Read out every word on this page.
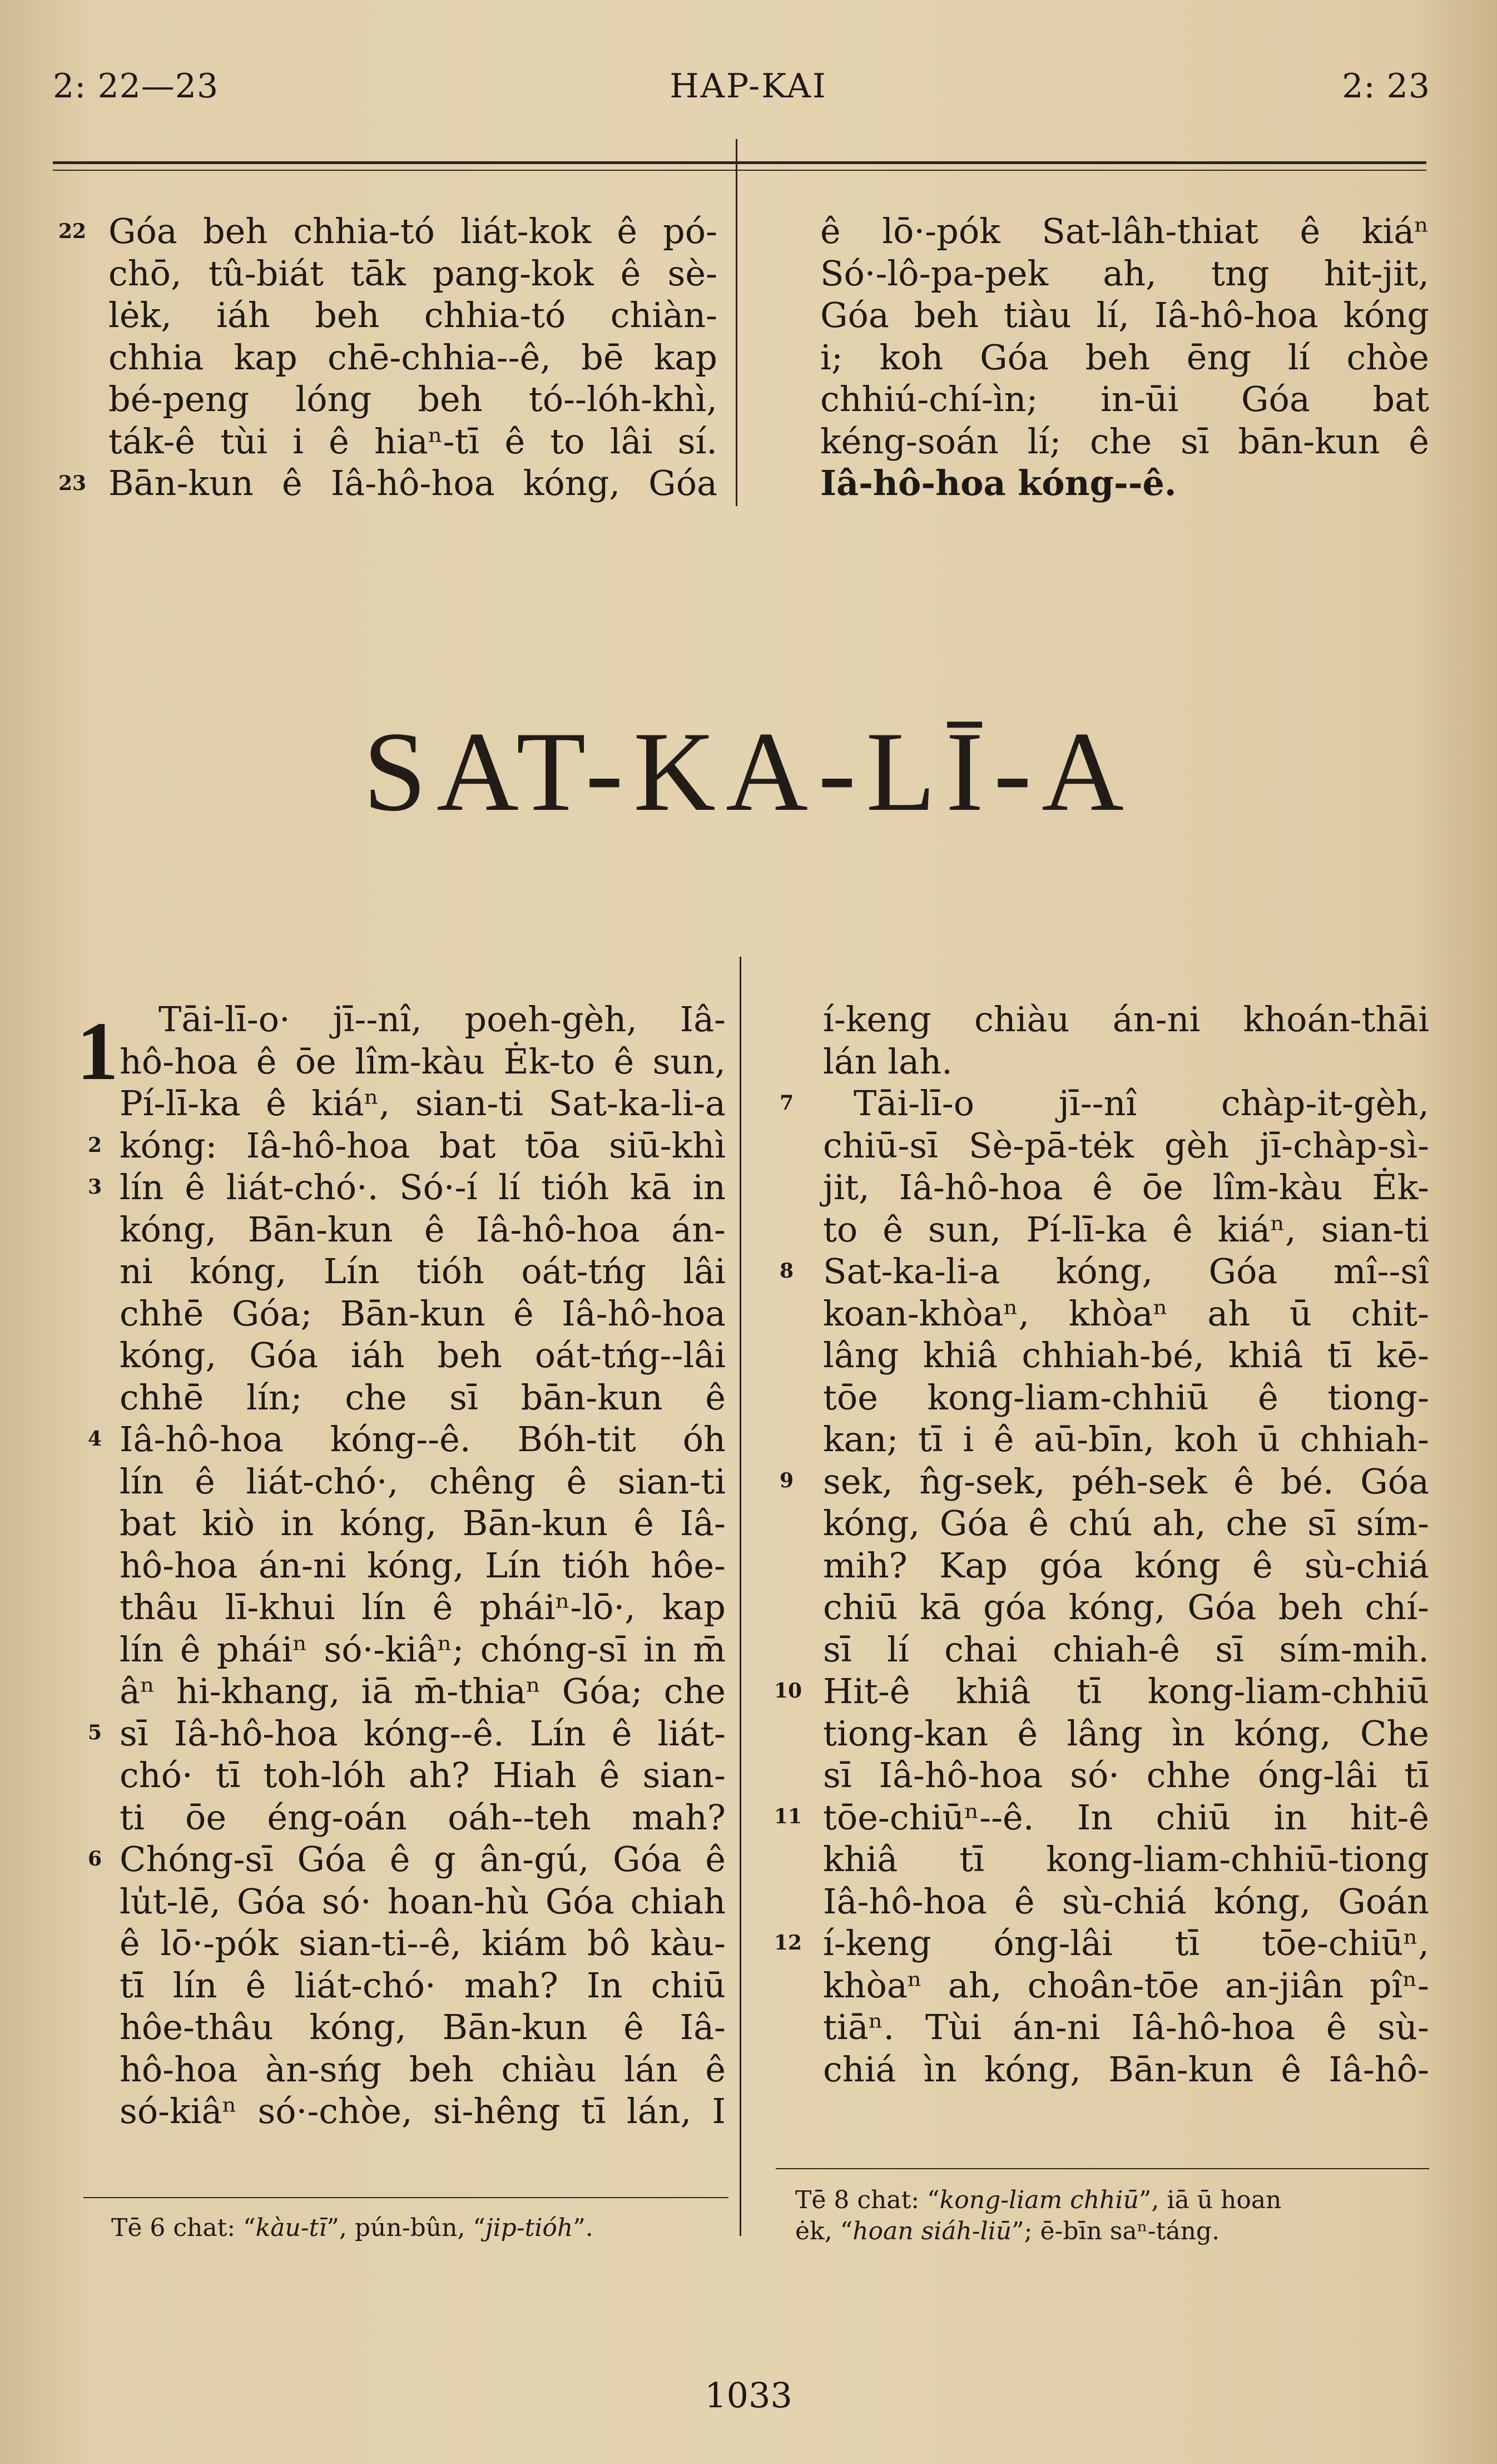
2: 22—23	HAP-KAI	2: 23
Góa beh chhia-tó liát-kok ê pó-
chō, tû-biát tāk pang-kok ê sè-
lėk, iáh beh chhia-tó chiàn-
chhia kap chē-chhia--ê, bē kap
bé-peng lóng beh tó--lóh-khì,
ták-ê tùi i ê hiaⁿ-tī ê to lâi sí.
Bān-kun ê Iâ-hô-hoa kóng, Góa
22
23
ê lō·-pók Sat-lâh-thiat ê kiáⁿ
Só·-lô-pa-pek ah, tng hit-jit,
Góa beh tiàu lí, Iâ-hô-hoa kóng
i; koh Góa beh ēng lí chòe
chhiú-chí-ìn; in-ūi Góa bat
kéng-soán lí; che sī bān-kun ê
Iâ-hô-hoa kóng--ê.
SAT-KA-LĪ-A
1	Tāi-lī-o· jī--nî, poeh-gèh, Iâ-
hô-hoa ê ōe lîm-kàu Ėk-to ê sun,
Pí-lī-ka ê kiáⁿ, sian-ti Sat-ka-li-a
kóng: Iâ-hô-hoa bat tōa siū-khì
lín ê liát-chó·. Só·-í lí tióh kā in
kóng, Bān-kun ê Iâ-hô-hoa án-
ni kóng, Lín tióh oát-tńg lâi
chhē Góa; Bān-kun ê Iâ-hô-hoa
kóng, Góa iáh beh oát-tńg--lâi
chhē lín; che sī bān-kun ê
Iâ-hô-hoa kóng--ê. Bóh-tit óh
lín ê liát-chó·, chêng ê sian-ti
bat kiò in kóng, Bān-kun ê Iâ-
hô-hoa án-ni kóng, Lín tióh hôe-
thâu lī-khui lín ê pháiⁿ-lō·, kap
lín ê pháiⁿ só·-kiâⁿ; chóng-sī in m̄
âⁿ hi-khang, iā m̄-thiaⁿ Góa; che
sī Iâ-hô-hoa kóng--ê. Lín ê liát-
chó· tī toh-lóh ah? Hiah ê sian-
ti ōe éng-oán oáh--teh mah?
Chóng-sī Góa ê g ân-gú, Góa ê
lu̍t-lē, Góa só· hoan-hù Góa chiah
ê lō·-pók sian-ti--ê, kiám bô kàu-
tī lín ê liát-chó· mah? In chiū
hôe-thâu kóng, Bān-kun ê Iâ-
hô-hoa àn-sńg beh chiàu lán ê
só-kiâⁿ só·-chòe, si-hêng tī lán, I
2
3
4
5
6
í-keng chiàu án-ni khoán-thāi
lán lah.
Tāi-lī-o jī--nî chàp-it-gèh,
chiū-sī Sè-pā-tėk gèh jī-chàp-sì-
jit, Iâ-hô-hoa ê ōe lîm-kàu Ėk-
to ê sun, Pí-lī-ka ê kiáⁿ, sian-ti
Sat-ka-li-a kóng, Góa mî--sî
koan-khòaⁿ, khòaⁿ ah ū chit-
lâng khiâ chhiah-bé, khiâ tī kē-
tōe kong-liam-chhiū ê tiong-
kan; tī i ê aū-bīn, koh ū chhiah-
sek, n̂g-sek, péh-sek ê bé. Góa
kóng, Góa ê chú ah, che sī sím-
mih? Kap góa kóng ê sù-chiá
chiū kā góa kóng, Góa beh chí-
sī lí chai chiah-ê sī sím-mih.
Hit-ê khiâ tī kong-liam-chhiū
tiong-kan ê lâng ìn kóng, Che
sī Iâ-hô-hoa só· chhe óng-lâi tī
tōe-chiūⁿ--ê. In chiū in hit-ê
khiâ tī kong-liam-chhiū-tiong
Iâ-hô-hoa ê sù-chiá kóng, Goán
í-keng óng-lâi tī tōe-chiūⁿ,
khòaⁿ ah, choân-tōe an-jiân pîⁿ-
tiāⁿ. Tùi án-ni Iâ-hô-hoa ê sù-
chiá ìn kóng, Bān-kun ê Iâ-hô-
7
8
9
10
11
12
Tē 6 chat: “kàu-tī”, pún-bûn, “jip-tióh”.
Tē 8 chat: “kong-liam chhiū”, iā ū hoan
ėk, “hoan siáh-liū”; ē-bīn saⁿ-táng.
1033
